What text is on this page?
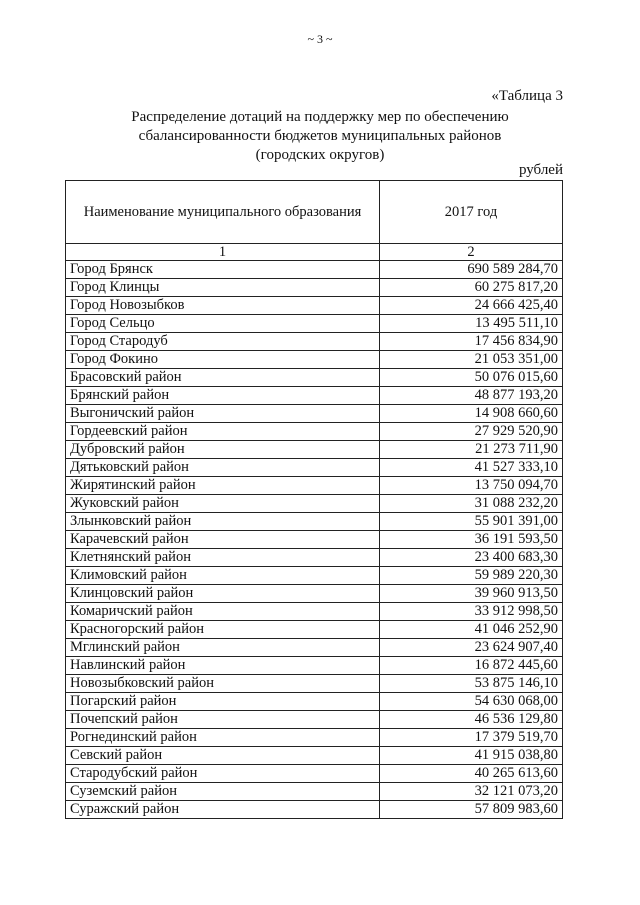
~ 3 ~
«Таблица 3
Распределение дотаций на поддержку мер по обеспечению
сбалансированности бюджетов муниципальных районов
(городских округов)
рублей
Наименование муниципального образования	2017 год
1	2
Город Брянск	690 589 284,70
Город Клинцы	60 275 817,20
Город Новозыбков	24 666 425,40
Город Сельцо	13 495 511,10
Город Стародуб	17 456 834,90
Город Фокино	21 053 351,00
Брасовский район	50 076 015,60
Брянский район	48 877 193,20
Выгоничский район	14 908 660,60
Гордеевский район	27 929 520,90
Дубровский район	21 273 711,90
Дятьковский район	41 527 333,10
Жирятинский район	13 750 094,70
Жуковский район	31 088 232,20
Злынковский район	55 901 391,00
Карачевский район	36 191 593,50
Клетнянский район	23 400 683,30
Климовский район	59 989 220,30
Клинцовский район	39 960 913,50
Комаричский район	33 912 998,50
Красногорский район	41 046 252,90
Мглинский район	23 624 907,40
Навлинский район	16 872 445,60
Новозыбковский район	53 875 146,10
Погарский район	54 630 068,00
Почепский район	46 536 129,80
Рогнединский район	17 379 519,70
Севский район	41 915 038,80
Стародубский район	40 265 613,60
Суземский район	32 121 073,20
Суражский район	57 809 983,60
